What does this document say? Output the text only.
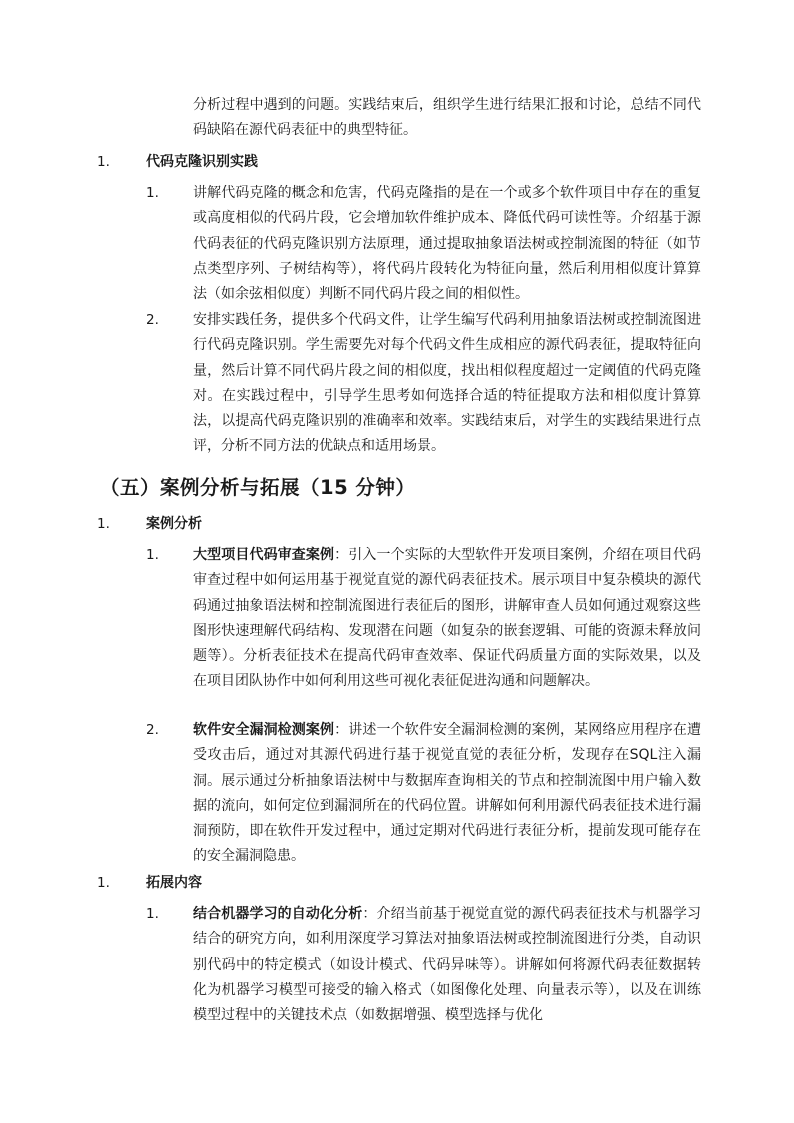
分析过程中遇到的问题。实践结束后，组织学生进行结果汇报和讨论，总结不同代码缺陷在源代码表征中的典型特征。

1.	代码克隆识别实践
1. 讲解代码克隆的概念和危害，代码克隆指的是在一个或多个软件项目中存在的重复或高度相似的代码片段，它会增加软件维护成本、降低代码可读性等。介绍基于源代码表征的代码克隆识别方法原理，通过提取抽象语法树或控制流图的特征（如节点类型序列、子树结构等），将代码片段转化为特征向量，然后利用相似度计算算法（如余弦相似度）判断不同代码片段之间的相似性。

2. 安排实践任务，提供多个代码文件，让学生编写代码利用抽象语法树或控制流图进行代码克隆识别。学生需要先对每个代码文件生成相应的源代码表征，提取特征向量，然后计算不同代码片段之间的相似度，找出相似程度超过一定阈值的代码克隆对。在实践过程中，引导学生思考如何选择合适的特征提取方法和相似度计算算法，以提高代码克隆识别的准确率和效率。实践结束后，对学生的实践结果进行点评，分析不同方法的优缺点和适用场景。

（五）案例分析与拓展（15 分钟）
1.	案例分析
1. 大型项目代码审查案例：引入一个实际的大型软件开发项目案例，介绍在项目代码审查过程中如何运用基于视觉直觉的源代码表征技术。展示项目中复杂模块的源代码通过抽象语法树和控制流图进行表征后的图形，讲解审查人员如何通过观察这些图形快速理解代码结构、发现潜在问题（如复杂的嵌套逻辑、可能的资源未释放问题等）。分析表征技术在提高代码审查效率、保证代码质量方面的实际效果，以及在项目团队协作中如何利用这些可视化表征促进沟通和问题解决。

2. 软件安全漏洞检测案例：讲述一个软件安全漏洞检测的案例，某网络应用程序在遭受攻击后，通过对其源代码进行基于视觉直觉的表征分析，发现存在SQL注入漏洞。展示通过分析抽象语法树中与数据库查询相关的节点和控制流图中用户输入数据的流向，如何定位到漏洞所在的代码位置。讲解如何利用源代码表征技术进行漏洞预防，即在软件开发过程中，通过定期对代码进行表征分析，提前发现可能存在的安全漏洞隐患。

1.	拓展内容
1. 结合机器学习的自动化分析：介绍当前基于视觉直觉的源代码表征技术与机器学习结合的研究方向，如利用深度学习算法对抽象语法树或控制流图进行分类，自动识别代码中的特定模式（如设计模式、代码异味等）。讲解如何将源代码表征数据转化为机器学习模型可接受的输入格式（如图像化处理、向量表示等），以及在训练模型过程中的关键技术点（如数据增强、模型选择与优化
